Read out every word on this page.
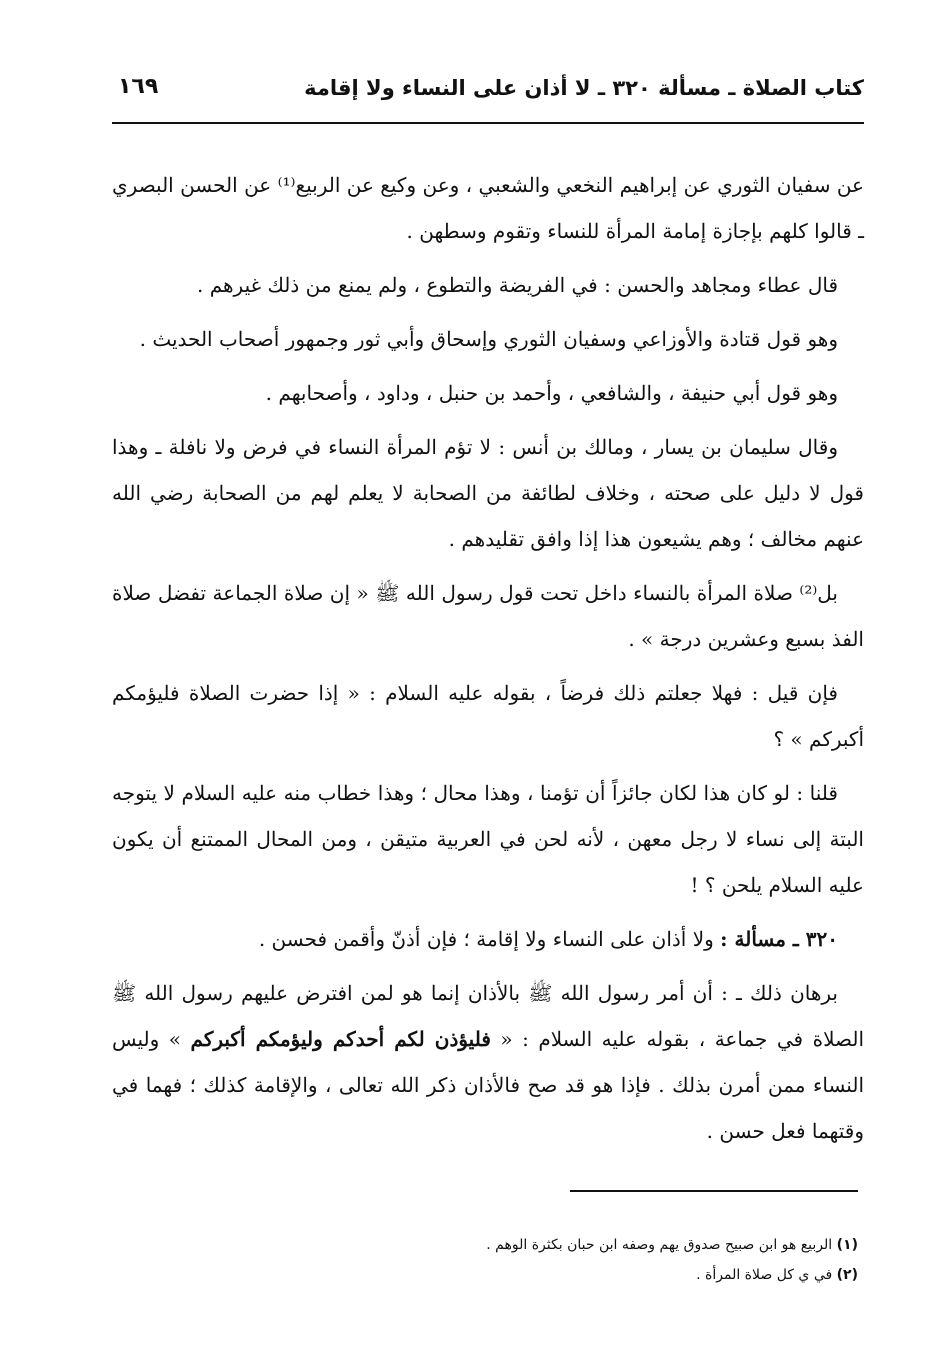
كتاب الصلاة ـ مسألة ٣٢٠ ـ لا أذان على النساء ولا إقامة
١٦٩

عن سفيان الثوري عن إبراهيم النخعي والشعبي ، وعن وكيع عن الربيع⁽¹⁾ عن الحسن البصري ـ قالوا كلهم بإجازة إمامة المرأة للنساء وتقوم وسطهن .

قال عطاء ومجاهد والحسن : في الفريضة والتطوع ، ولم يمنع من ذلك غيرهم .

وهو قول قتادة والأوزاعي وسفيان الثوري وإسحاق وأبي ثور وجمهور أصحاب الحديث .

وهو قول أبي حنيفة ، والشافعي ، وأحمد بن حنبل ، وداود ، وأصحابهم .

وقال سليمان بن يسار ، ومالك بن أنس : لا تؤم المرأة النساء في فرض ولا نافلة ـ وهذا قول لا دليل على صحته ، وخلاف لطائفة من الصحابة لا يعلم لهم من الصحابة رضي الله عنهم مخالف ؛ وهم يشيعون هذا إذا وافق تقليدهم .

بل⁽²⁾ صلاة المرأة بالنساء داخل تحت قول رسول الله ﷺ « إن صلاة الجماعة تفضل صلاة الفذ بسبع وعشرين درجة » .

فإن قيل : فهلا جعلتم ذلك فرضاً ، بقوله عليه السلام : « إذا حضرت الصلاة فليؤمكم أكبركم » ؟

قلنا : لو كان هذا لكان جائزاً أن تؤمنا ، وهذا محال ؛ وهذا خطاب منه عليه السلام لا يتوجه البتة إلى نساء لا رجل معهن ، لأنه لحن في العربية متيقن ، ومن المحال الممتنع أن يكون عليه السلام يلحن ؟ !

٣٢٠ ـ مسألة : ولا أذان على النساء ولا إقامة ؛ فإن أذنّ وأقمن فحسن .

برهان ذلك ـ : أن أمر رسول الله ﷺ بالأذان إنما هو لمن افترض عليهم رسول الله ﷺ الصلاة في جماعة ، بقوله عليه السلام : « فليؤذن لكم أحدكم وليؤمكم أكبركم » وليس النساء ممن أمرن بذلك . فإذا هو قد صح فالأذان ذكر الله تعالى ، والإقامة كذلك ؛ فهما في وقتهما فعل حسن .

(١) الربيع هو ابن صبيح صدوق يهم وصفه ابن حبان بكثرة الوهم .

(٢) في ي كل صلاة المرأة .
